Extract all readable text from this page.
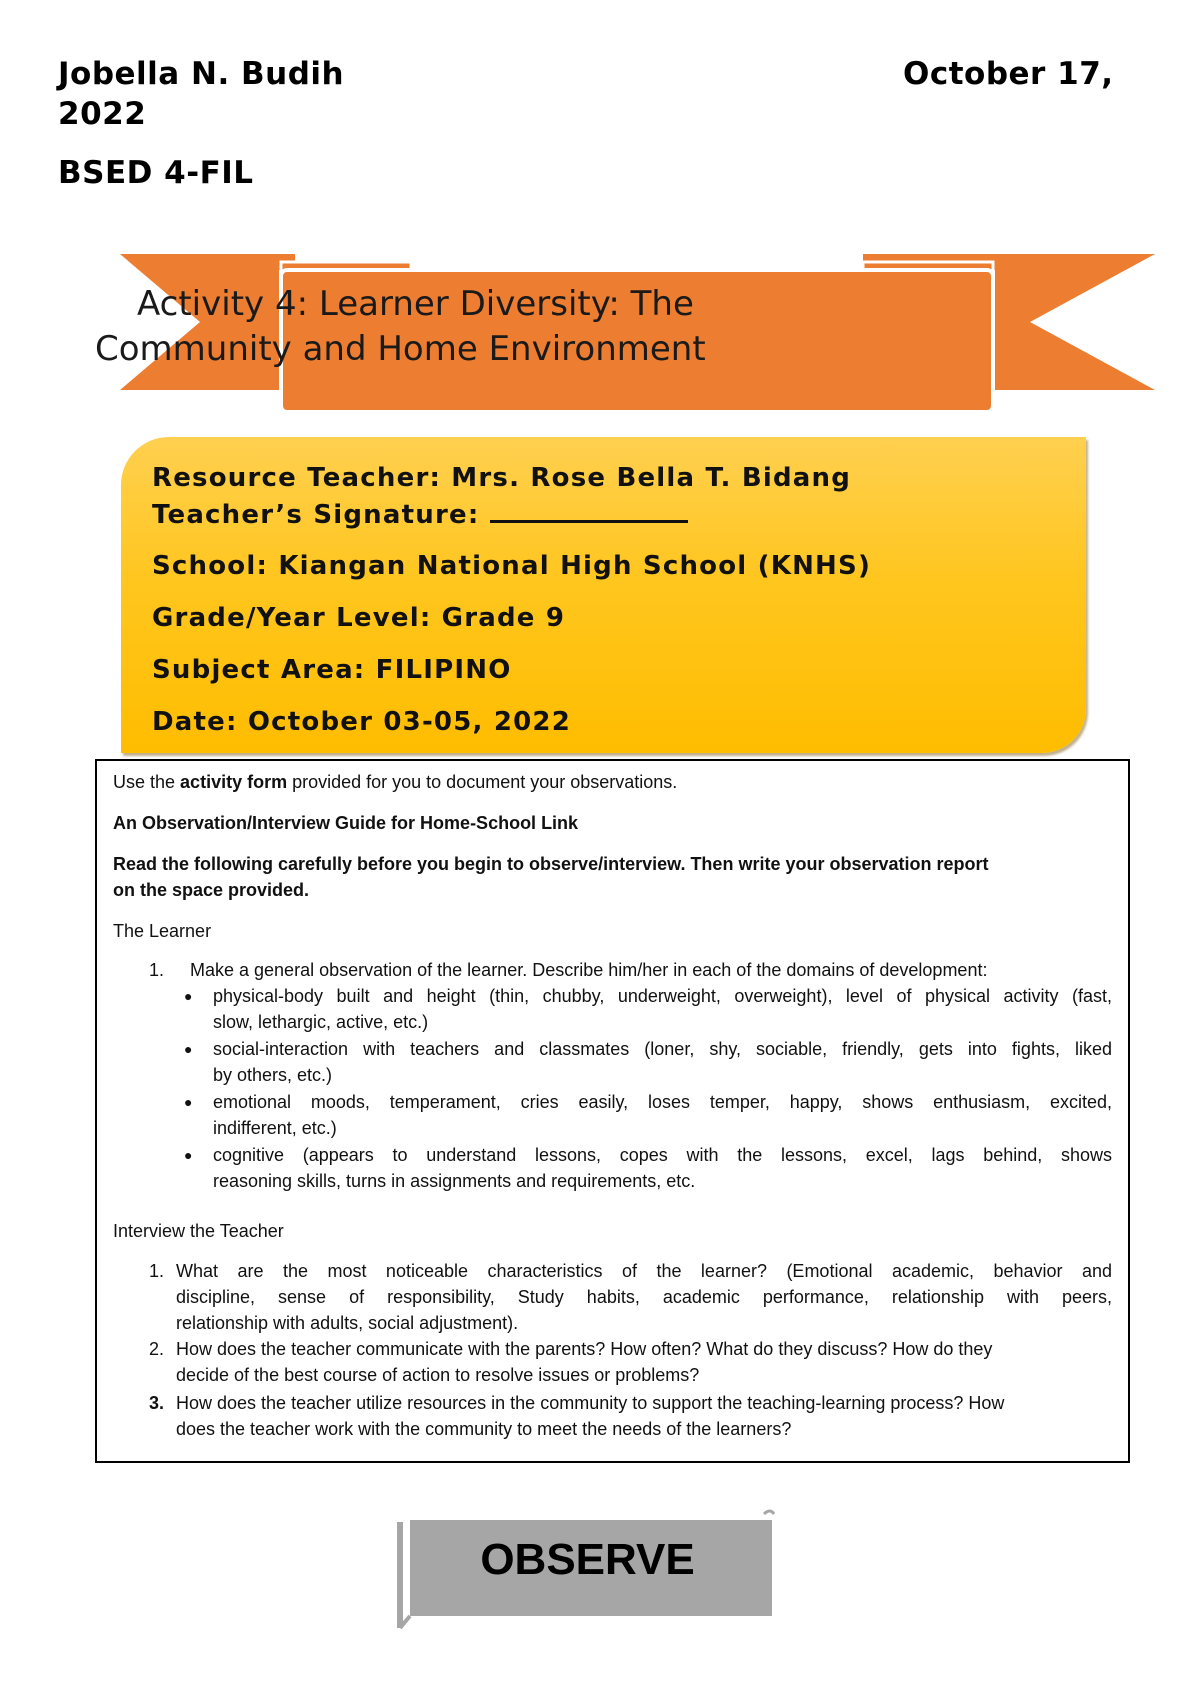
Jobella N. Budih	October 17,
2022
BSED 4-FIL
Activity 4: Learner Diversity: The
Community and Home Environment
Resource Teacher: Mrs. Rose Bella T. Bidang
Teacher’s Signature:
School: Kiangan National High School (KNHS)
Grade/Year Level: Grade 9
Subject Area: FILIPINO
Date: October 03-05, 2022
Use the activity form provided for you to document your observations.
An Observation/Interview Guide for Home-School Link
Read the following carefully before you begin to observe/interview. Then write your observation report
on the space provided.
The Learner
1. Make a general observation of the learner. Describe him/her in each of the domains of development:
● physical-body built and height (thin, chubby, underweight, overweight), level of physical activity (fast,
slow, lethargic, active, etc.)
● social-interaction with teachers and classmates (loner, shy, sociable, friendly, gets into fights, liked
by others, etc.)
● emotional moods, temperament, cries easily, loses temper, happy, shows enthusiasm, excited,
indifferent, etc.)
● cognitive (appears to understand lessons, copes with the lessons, excel, lags behind, shows
reasoning skills, turns in assignments and requirements, etc.
Interview the Teacher
1. What are the most noticeable characteristics of the learner? (Emotional academic, behavior and
discipline, sense of responsibility, Study habits, academic performance, relationship with peers,
relationship with adults, social adjustment).
2. How does the teacher communicate with the parents? How often? What do they discuss? How do they
decide of the best course of action to resolve issues or problems?
3. How does the teacher utilize resources in the community to support the teaching-learning process? How
does the teacher work with the community to meet the needs of the learners?
OBSERVE
